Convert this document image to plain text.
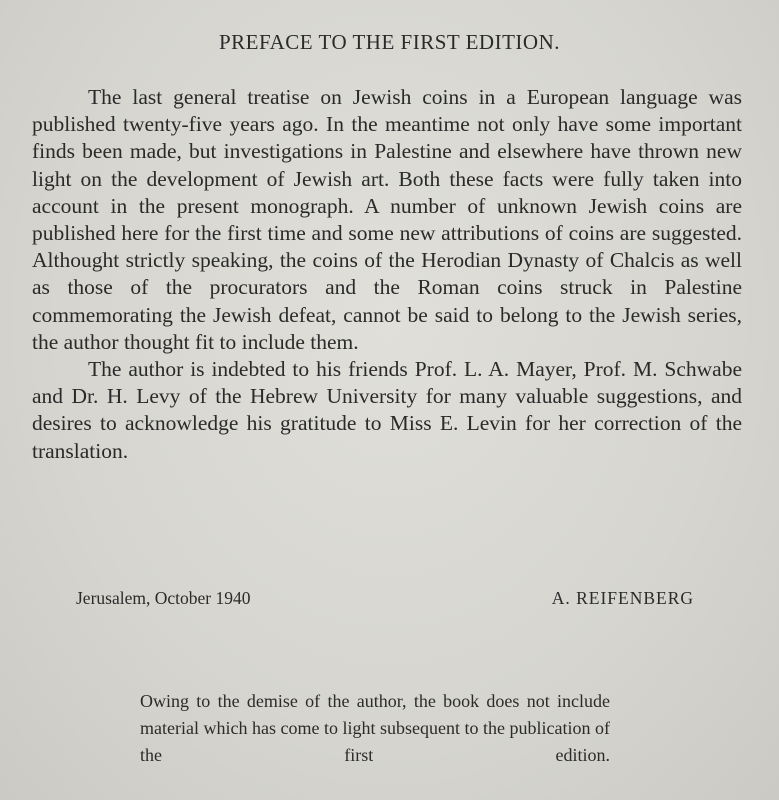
PREFACE TO THE FIRST EDITION.

The last general treatise on Jewish coins in a European language was published twenty-five years ago. In the meantime not only have some important finds been made, but investigations in Palestine and elsewhere have thrown new light on the development of Jewish art. Both these facts were fully taken into account in the present monograph. A number of unknown Jewish coins are published here for the first time and some new attributions of coins are suggested. Althought strictly speaking, the coins of the Herodian Dynasty of Chalcis as well as those of the procurators and the Roman coins struck in Palestine commemorating the Jewish defeat, cannot be said to belong to the Jewish series, the author thought fit to include them.

The author is indebted to his friends Prof. L. A. Mayer, Prof. M. Schwabe and Dr. H. Levy of the Hebrew University for many valuable suggestions, and desires to acknowledge his gratitude to Miss E. Levin for her correction of the translation.

Jerusalem, October 1940	A. REIFENBERG

Owing to the demise of the author, the book does not include material which has come to light subsequent to the publication of the first edition.
